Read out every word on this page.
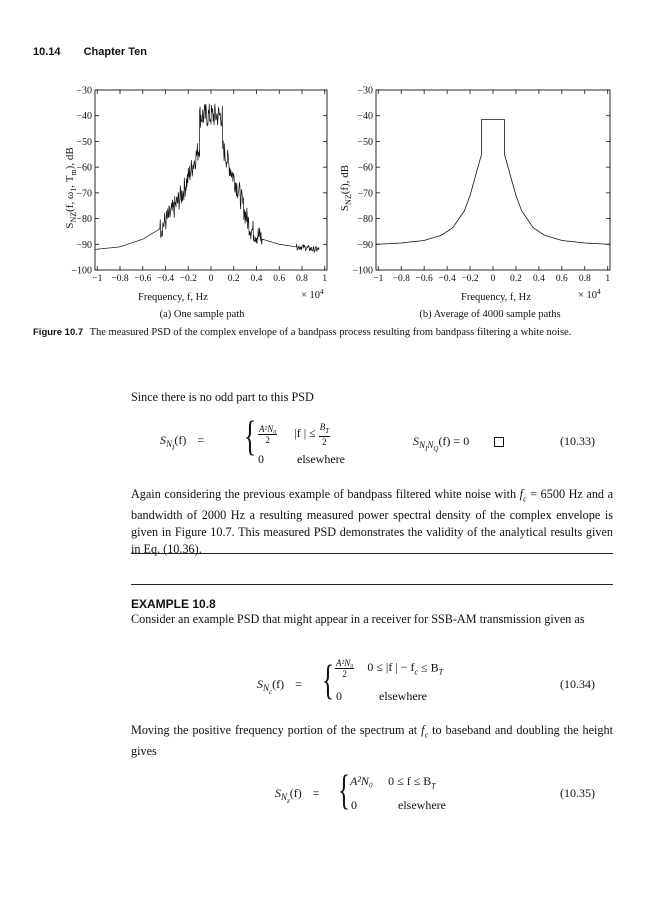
10.14 Chapter Ten
$S_{NZ}(f$, $\omega_1$, $T_m$), dB
−30
−40
−50
−60
−70
−80
−90
−100
−1 −0.8 −0.6 −0.4 −0.2 0 0.2 0.4 0.6 0.8 1
Frequency, f, Hz	× $10^4$
(a) One sample path
$S_{NZ}(f)$, dB
−30
−40
−50
−60
−70
−80
−90
−100
−1 −0.8 −0.6 −0.4 −0.2 0 0.2 0.4 0.6 0.8 1
Frequency, f, Hz	× $10^4$
(b) Average of 4000 sample paths
Figure 10.7 The measured PSD of the complex envelope of a bandpass process resulting from bandpass filtering a white noise.
Since there is no odd part to this PSD
$S_{N_I}(f)$ = { $\frac{\text{A²N₀}}{2} |f$ | ≤ $\frac{B_T}{2}$
0	elsewhere
$S_{N_IN_Q}(f) = 0$	(10.33)
Again considering the previous example of bandpass filtered white noise with $f_c = 6500$ Hz and a bandwidth of 2000 Hz a resulting measured power spectral density of the complex envelope is given in Figure 10.7. This measured PSD demonstrates the validity of the analytical results given in Eq. (10.36).
EXAMPLE 10.8
Consider an example PSD that might appear in a receiver for SSB-AM transmission given as
$S_{N_c}(f)$ = { $\frac{\text{A²N₀}}{2} 0 \le |f$ | − $f_c \le B_T$
0	elsewhere
(10.34)
Moving the positive frequency portion of the spectrum at $f_c$ to baseband and doubling the height gives
$S_{N_z}(f)$ = { A²N₀ $0 \le f \le B_T$
0	elsewhere
(10.35)
